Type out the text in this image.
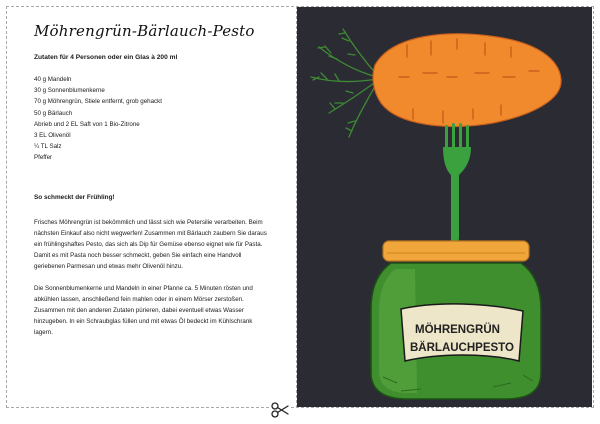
Möhrengrün-Bärlauch-Pesto

Zutaten für 4 Personen oder ein Glas à 200 ml

40 g Mandeln
30 g Sonnenblumenkerne
70 g Möhrengrün, Stiele entfernt, grob gehackt
50 g Bärlauch
Abrieb und 2 EL Saft von 1 Bio-Zitrone
3 EL Olivenöl
¼ TL Salz
Pfeffer
So schmeckt der Frühling!

Frisches Möhrengrün ist bekömmlich und lässt sich wie Petersilie verarbeiten. Beim nächsten Einkauf also nicht wegwerfen! Zusammen mit Bärlauch zaubern Sie daraus ein frühlingshaftes Pesto, das sich als Dip für Gemüse ebenso eignet wie für Pasta. Damit es mit Pasta noch besser schmeckt, geben Sie einfach eine Handvoll geriebenen Parmesan und etwas mehr Olivenöl hinzu.

Die Sonnenblumenkerne und Mandeln in einer Pfanne ca. 5 Minuten rösten und abkühlen lassen, anschließend fein mahlen oder in einem Mörser zerstoßen. Zusammen mit den anderen Zutaten pürieren, dabei eventuell etwas Wasser hinzugeben. In ein Schraubglas füllen und mit etwas Öl bedeckt im Kühlschrank lagern.	MÖHRENGRÜN
BÄRLAUCHPESTO
